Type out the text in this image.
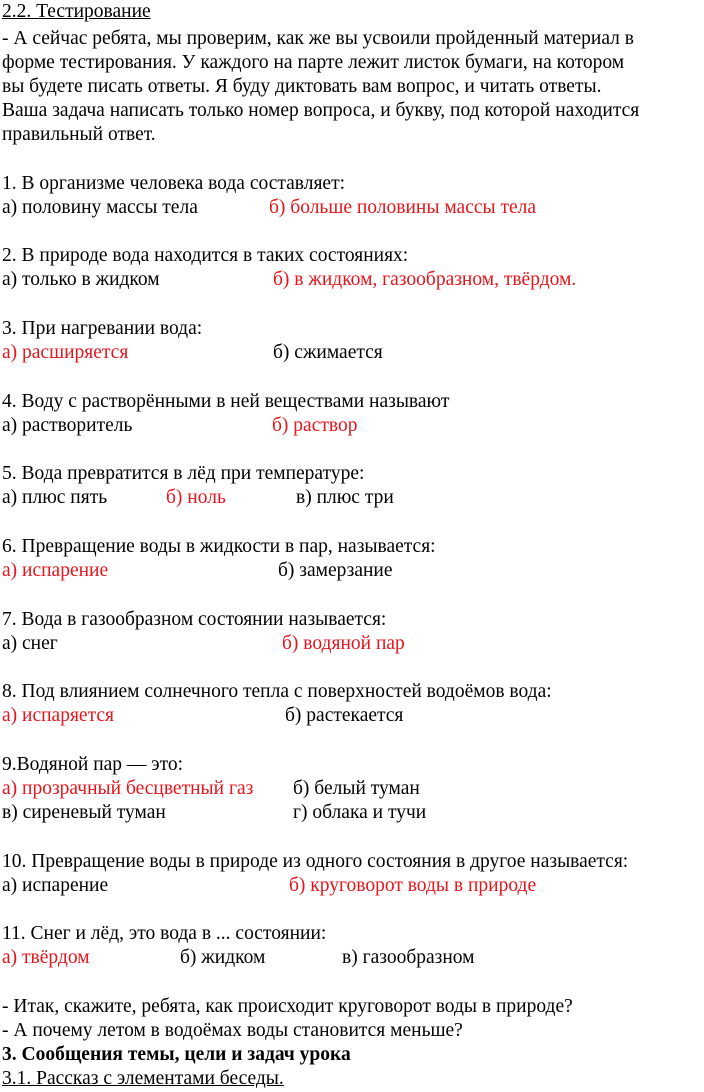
2.2. Тестирование
- А сейчас ребята, мы проверим, как же вы усвоили пройденный материал в
форме тестирования. У каждого на парте лежит листок бумаги, на котором
вы будете писать ответы. Я буду диктовать вам вопрос, и читать ответы.
Ваша задача написать только номер вопроса, и букву, под которой находится
правильный ответ.
1. В организме человека вода составляет:
а) половину массы тела	б) больше половины массы тела
2. В природе вода находится в таких состояниях:
а) только в жидком	б) в жидком, газообразном, твёрдом.
3. При нагревании вода:
а) расширяется	б) сжимается
4. Воду с растворёнными в ней веществами называют
а) растворитель	б) раствор
5. Вода превратится в лёд при температуре:
а) плюс пять	б) ноль	в) плюс три
6. Превращение воды в жидкости в пар, называется:
а) испарение	б) замерзание
7. Вода в газообразном состоянии называется:
а) снег	б) водяной пар
8. Под влиянием солнечного тепла с поверхностей водоёмов вода:
а) испаряется	б) растекается
9.Водяной пар — это:
а) прозрачный бесцветный газ б) белый туман
в) сиреневый туман	г) облака и тучи
10. Превращение воды в природе из одного состояния в другое называется:
а) испарение	б) круговорот воды в природе
11. Снег и лёд, это вода в ... состоянии:
а) твёрдом	б) жидком	в) газообразном
- Итак, скажите, ребята, как происходит круговорот воды в природе?
- А почему летом в водоёмах воды становится меньше?
3. Сообщения темы, цели и задач урока
3.1. Рассказ с элементами беседы.
